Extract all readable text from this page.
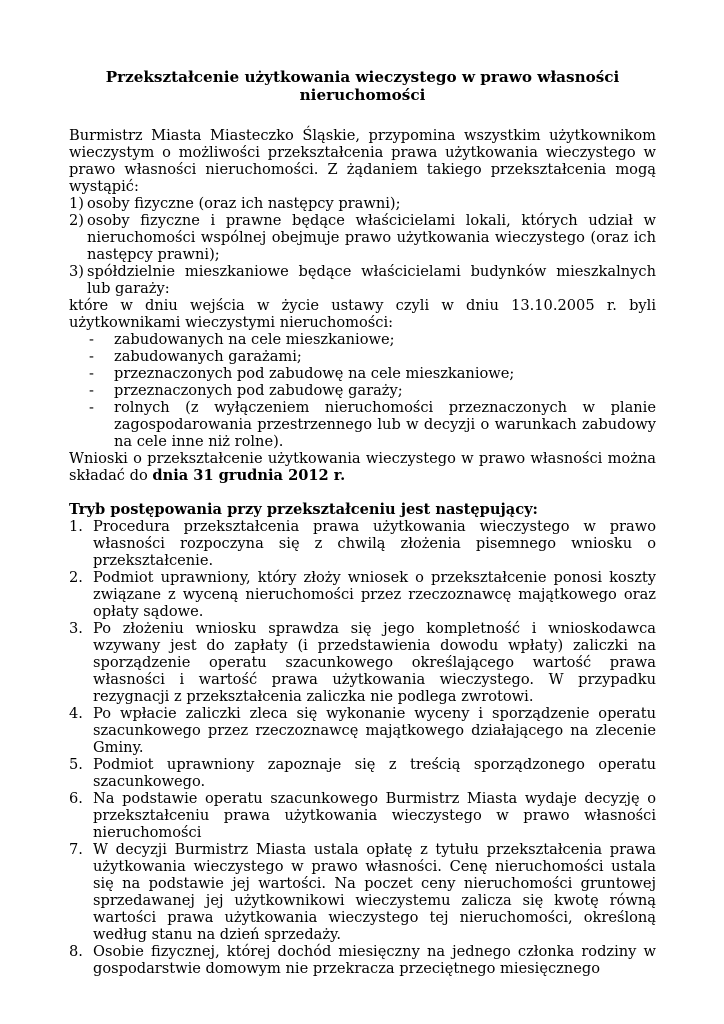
Przekształcenie użytkowania wieczystego w prawo własności
nieruchomości

Burmistrz Miasta Miasteczko Śląskie, przypomina wszystkim użytkownikom wieczystym o możliwości przekształcenia prawa użytkowania wieczystego w prawo własności nieruchomości. Z żądaniem takiego przekształcenia mogą wystąpić:

1) osoby fizyczne (oraz ich następcy prawni);
2) osoby fizyczne i prawne będące właścicielami lokali, których udział w nieruchomości wspólnej obejmuje prawo użytkowania wieczystego (oraz ich następcy prawni);
3) spółdzielnie mieszkaniowe będące właścicielami budynków mieszkalnych lub garaży:

które w dniu wejścia w życie ustawy czyli w dniu 13.10.2005 r. byli użytkownikami wieczystymi nieruchomości:

- zabudowanych na cele mieszkaniowe;
- zabudowanych garażami;
- przeznaczonych pod zabudowę na cele mieszkaniowe;
- przeznaczonych pod zabudowę garaży;
- rolnych (z wyłączeniem nieruchomości przeznaczonych w planie zagospodarowania przestrzennego lub w decyzji o warunkach zabudowy na cele inne niż rolne).

Wnioski o przekształcenie użytkowania wieczystego w prawo własności można składać do dnia 31 grudnia 2012 r.

Tryb postępowania przy przekształceniu jest następujący:

1. Procedura przekształcenia prawa użytkowania wieczystego w prawo własności rozpoczyna się z chwilą złożenia pisemnego wniosku o przekształcenie.
2. Podmiot uprawniony, który złoży wniosek o przekształcenie ponosi koszty związane z wyceną nieruchomości przez rzeczoznawcę majątkowego oraz opłaty sądowe.
3. Po złożeniu wniosku sprawdza się jego kompletność i wnioskodawca wzywany jest do zapłaty (i przedstawienia dowodu wpłaty) zaliczki na sporządzenie operatu szacunkowego określającego wartość prawa własności i wartość prawa użytkowania wieczystego. W przypadku rezygnacji z przekształcenia zaliczka nie podlega zwrotowi.
4. Po wpłacie zaliczki zleca się wykonanie wyceny i sporządzenie operatu szacunkowego przez rzeczoznawcę majątkowego działającego na zlecenie Gminy.
5. Podmiot uprawniony zapoznaje się z treścią sporządzonego operatu szacunkowego.
6. Na podstawie operatu szacunkowego Burmistrz Miasta wydaje decyzję o przekształceniu prawa użytkowania wieczystego w prawo własności nieruchomości
7. W decyzji Burmistrz Miasta ustala opłatę z tytułu przekształcenia prawa użytkowania wieczystego w prawo własności. Cenę nieruchomości ustala się na podstawie jej wartości. Na poczet ceny nieruchomości gruntowej sprzedawanej jej użytkownikowi wieczystemu zalicza się kwotę równą wartości prawa użytkowania wieczystego tej nieruchomości, określoną według stanu na dzień sprzedaży.
8. Osobie fizycznej, której dochód miesięczny na jednego członka rodziny w gospodarstwie domowym nie przekracza przeciętnego miesięcznego
